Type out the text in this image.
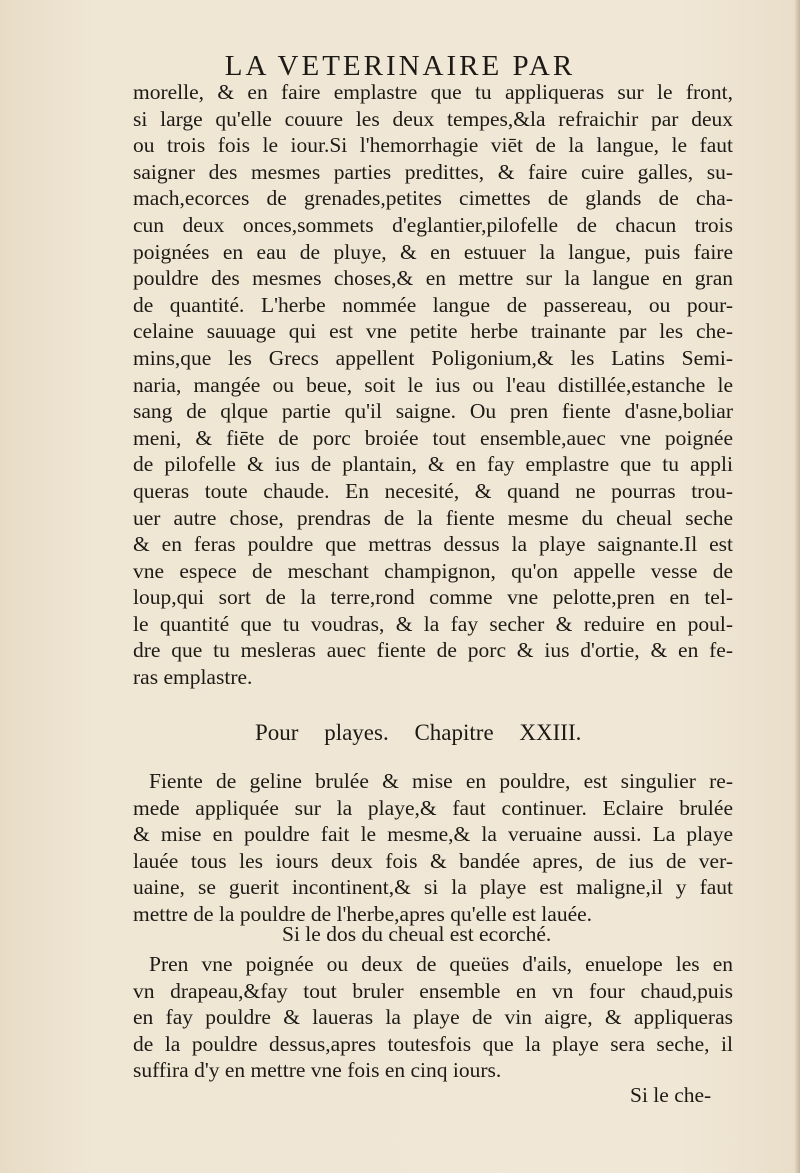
LA VETERINAIRE PAR
morelle, & en faire emplastre que tu appliqueras sur le front,
si large qu'elle couure les deux tempes,&la refraichir par deux
ou trois fois le iour.Si l'hemorrhagie viēt de la langue, le faut
saigner des mesmes parties predittes, & faire cuire galles, su-
mach,ecorces de grenades,petites cimettes de glands de cha-
cun deux onces,sommets d'eglantier,pilofelle de chacun trois
poignées en eau de pluye, & en estuuer la langue, puis faire
pouldre des mesmes choses,& en mettre sur la langue en gran
de quantité. L'herbe nommée langue de passereau, ou pour-
celaine sauuage qui est vne petite herbe trainante par les che-
mins,que les Grecs appellent Poligonium,& les Latins Semi-
naria, mangée ou beue, soit le ius ou l'eau distillée,estanche le
sang de qlque partie qu'il saigne. Ou pren fiente d'asne,boliar
meni, & fiēte de porc broiée tout ensemble,auec vne poignée
de pilofelle & ius de plantain, & en fay emplastre que tu appli
queras toute chaude. En necesité, & quand ne pourras trou-
uer autre chose, prendras de la fiente mesme du cheual seche
& en feras pouldre que mettras dessus la playe saignante.Il est
vne espece de meschant champignon, qu'on appelle vesse de
loup,qui sort de la terre,rond comme vne pelotte,pren en tel-
le quantité que tu voudras, & la fay secher & reduire en poul-
dre que tu mesleras auec fiente de porc & ius d'ortie, & en fe-
ras emplastre.
Pour playes. Chapitre XXIII.
Fiente de geline brulée & mise en pouldre, est singulier re-
mede appliquée sur la playe,& faut continuer. Eclaire brulée
& mise en pouldre fait le mesme,& la veruaine aussi. La playe
lauée tous les iours deux fois & bandée apres, de ius de ver-
uaine, se guerit incontinent,& si la playe est maligne,il y faut
mettre de la pouldre de l'herbe,apres qu'elle est lauée.
Si le dos du cheual est ecorché.
Pren vne poignée ou deux de queües d'ails, enuelope les en
vn drapeau,&fay tout bruler ensemble en vn four chaud,puis
en fay pouldre & laueras la playe de vin aigre, & appliqueras
de la pouldre dessus,apres toutesfois que la playe sera seche, il
suffira d'y en mettre vne fois en cinq iours.
Si le che-
